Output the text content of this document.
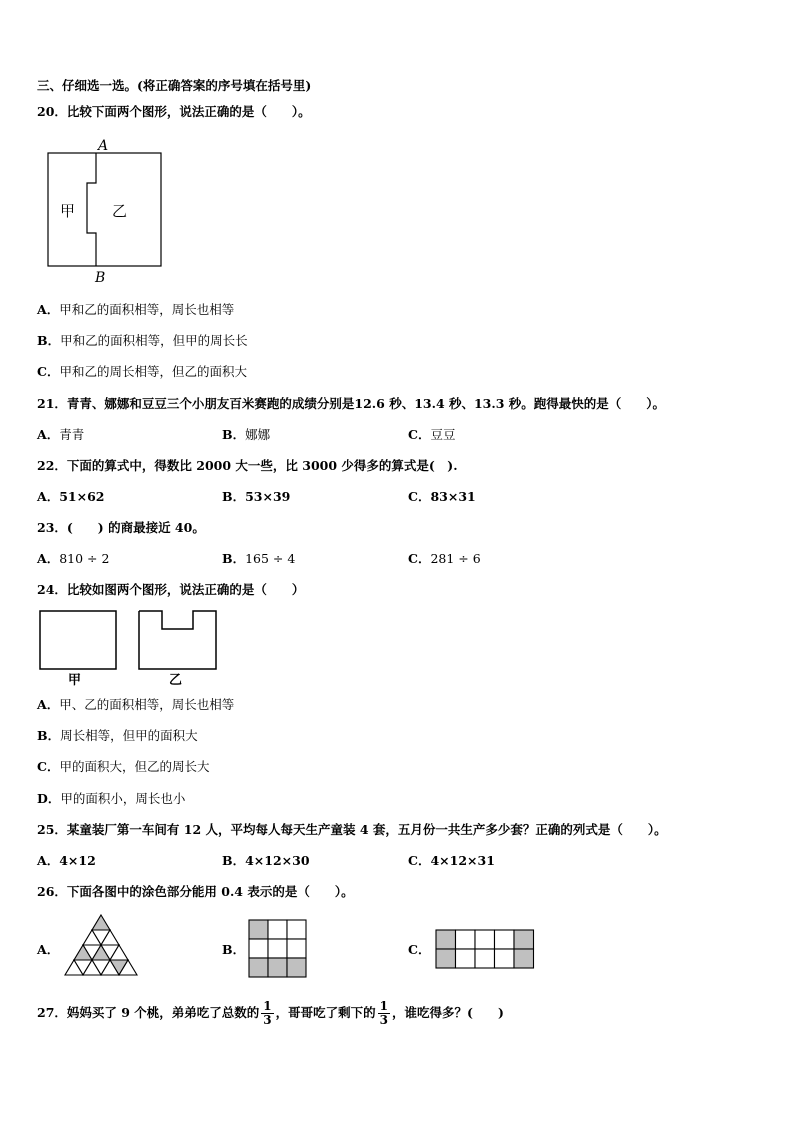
三、仔细选一选。(将正确答案的序号填在括号里)
20．比较下面两个图形，说法正确的是（　　）。
A
甲 乙
B
A．甲和乙的面积相等，周长也相等
B．甲和乙的面积相等，但甲的周长长
C．甲和乙的周长相等，但乙的面积大
21．青青、娜娜和豆豆三个小朋友百米赛跑的成绩分别是12.6 秒、13.4 秒、13.3 秒。跑得最快的是（　　）。
A．青青	B．娜娜	C．豆豆
22．下面的算式中，得数比 2000 大一些，比 3000 少得多的算式是(　).
A．51×62	B．53×39	C．83×31
23．(　　) 的商最接近 40。
A．810 ÷ 2	B．165 ÷ 4	C．281 ÷ 6
24．比较如图两个图形，说法正确的是（　　）
甲	乙
A．甲、乙的面积相等，周长也相等
B．周长相等，但甲的面积大
C．甲的面积大，但乙的周长大
D．甲的面积小，周长也小
25．某童装厂第一车间有 12 人，平均每人每天生产童装 4 套，五月份一共生产多少套？正确的列式是（　　）。
A．4×12	B．4×12×30	C．4×12×31
26．下面各图中的涂色部分能用 0.4 表示的是（　　）。
A．	B．	C．
27．妈妈买了 9 个桃，弟弟吃了总数的 $\frac{1}{3}$ ，哥哥吃了剩下的 $\frac{1}{3}$ ，谁吃得多？(　　)
